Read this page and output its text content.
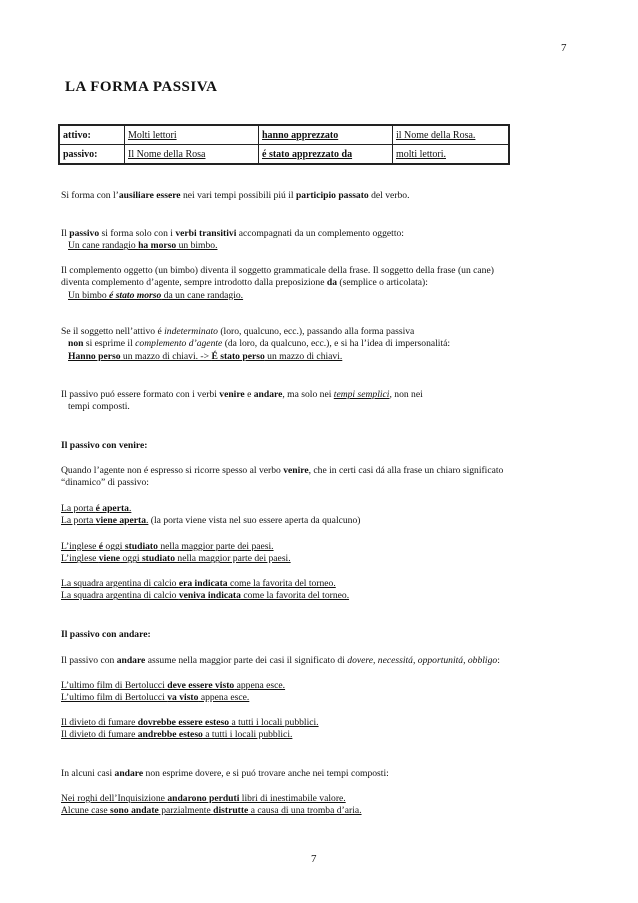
7
LA FORMA PASSIVA
attivo:	Molti lettori	hanno apprezzato	il Nome della Rosa.
passivo:	Il Nome della Rosa	é stato apprezzato da	molti lettori.
Si forma con l’ausiliare essere nei vari tempi possibili piú il participio passato del verbo.
Il passivo si forma solo con i verbi transitivi accompagnati da un complemento oggetto:
Un cane randagio ha morso un bimbo.
Il complemento oggetto (un bimbo) diventa il soggetto grammaticale della frase. Il soggetto della frase (un cane)
diventa complemento d’agente, sempre introdotto dalla preposizione da (semplice o articolata):
Un bimbo é stato morso da un cane randagio.
Se il soggetto nell’attivo é indeterminato (loro, qualcuno, ecc.), passando alla forma passiva
non si esprime il complemento d’agente (da loro, da qualcuno, ecc.), e si ha l’idea di impersonalitá:
Hanno perso un mazzo di chiavi. -> É stato perso un mazzo di chiavi.
Il passivo puó essere formato con i verbi venire e andare, ma solo nei tempi semplici, non nei
tempi composti.
Il passivo con venire:
Quando l’agente non é espresso si ricorre spesso al verbo venire, che in certi casi dá alla frase un chiaro significato
“dinamico” di passivo:
La porta é aperta.
La porta viene aperta. (la porta viene vista nel suo essere aperta da qualcuno)
L’inglese é oggi studiato nella maggior parte dei paesi.
L’inglese viene oggi studiato nella maggior parte dei paesi.
La squadra argentina di calcio era indicata come la favorita del torneo.
La squadra argentina di calcio veniva indicata come la favorita del torneo.
Il passivo con andare:
Il passivo con andare assume nella maggior parte dei casi il significato di dovere, necessitá, opportunitá, obbligo:
L’ultimo film di Bertolucci deve essere visto appena esce.
L’ultimo film di Bertolucci va visto appena esce.
Il divieto di fumare dovrebbe essere esteso a tutti i locali pubblici.
Il divieto di fumare andrebbe esteso a tutti i locali pubblici.
In alcuni casi andare non esprime dovere, e si puó trovare anche nei tempi composti:
Nei roghi dell’Inquisizione andarono perduti libri di inestimabile valore.
Alcune case sono andate parzialmente distrutte a causa di una tromba d’aria.
7
